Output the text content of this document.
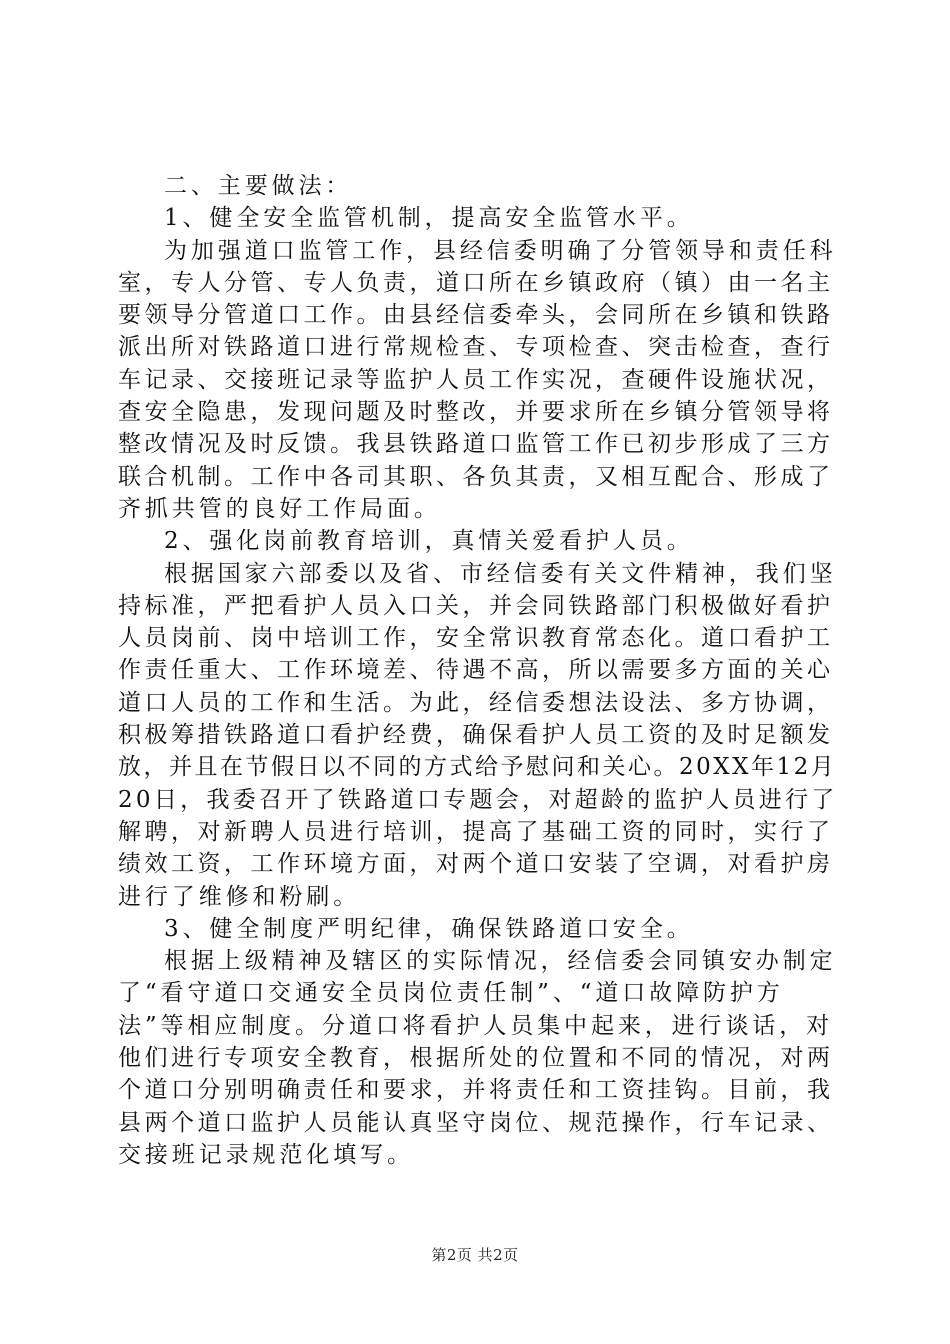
二、主要做法：
1、健全安全监管机制，提高安全监管水平。
为加强道口监管工作，县经信委明确了分管领导和责任科
室，专人分管、专人负责，道口所在乡镇政府（镇）由一名主
要领导分管道口工作。由县经信委牵头，会同所在乡镇和铁路
派出所对铁路道口进行常规检查、专项检查、突击检查，查行
车记录、交接班记录等监护人员工作实况，查硬件设施状况，
查安全隐患，发现问题及时整改，并要求所在乡镇分管领导将
整改情况及时反馈。我县铁路道口监管工作已初步形成了三方
联合机制。工作中各司其职、各负其责，又相互配合、形成了
齐抓共管的良好工作局面。
2、强化岗前教育培训，真情关爱看护人员。
根据国家六部委以及省、市经信委有关文件精神，我们坚
持标准，严把看护人员入口关，并会同铁路部门积极做好看护
人员岗前、岗中培训工作，安全常识教育常态化。道口看护工
作责任重大、工作环境差、待遇不高，所以需要多方面的关心
道口人员的工作和生活。为此，经信委想法设法、多方协调，
积极筹措铁路道口看护经费，确保看护人员工资的及时足额发
放，并且在节假日以不同的方式给予慰问和关心。20XX年12月
20日，我委召开了铁路道口专题会，对超龄的监护人员进行了
解聘，对新聘人员进行培训，提高了基础工资的同时，实行了
绩效工资，工作环境方面，对两个道口安装了空调，对看护房
进行了维修和粉刷。
3、健全制度严明纪律，确保铁路道口安全。
根据上级精神及辖区的实际情况，经信委会同镇安办制定
了“看守道口交通安全员岗位责任制”、“道口故障防护方
法”等相应制度。分道口将看护人员集中起来，进行谈话，对
他们进行专项安全教育，根据所处的位置和不同的情况，对两
个道口分别明确责任和要求，并将责任和工资挂钩。目前，我
县两个道口监护人员能认真坚守岗位、规范操作，行车记录、
交接班记录规范化填写。
第2页 共2页
